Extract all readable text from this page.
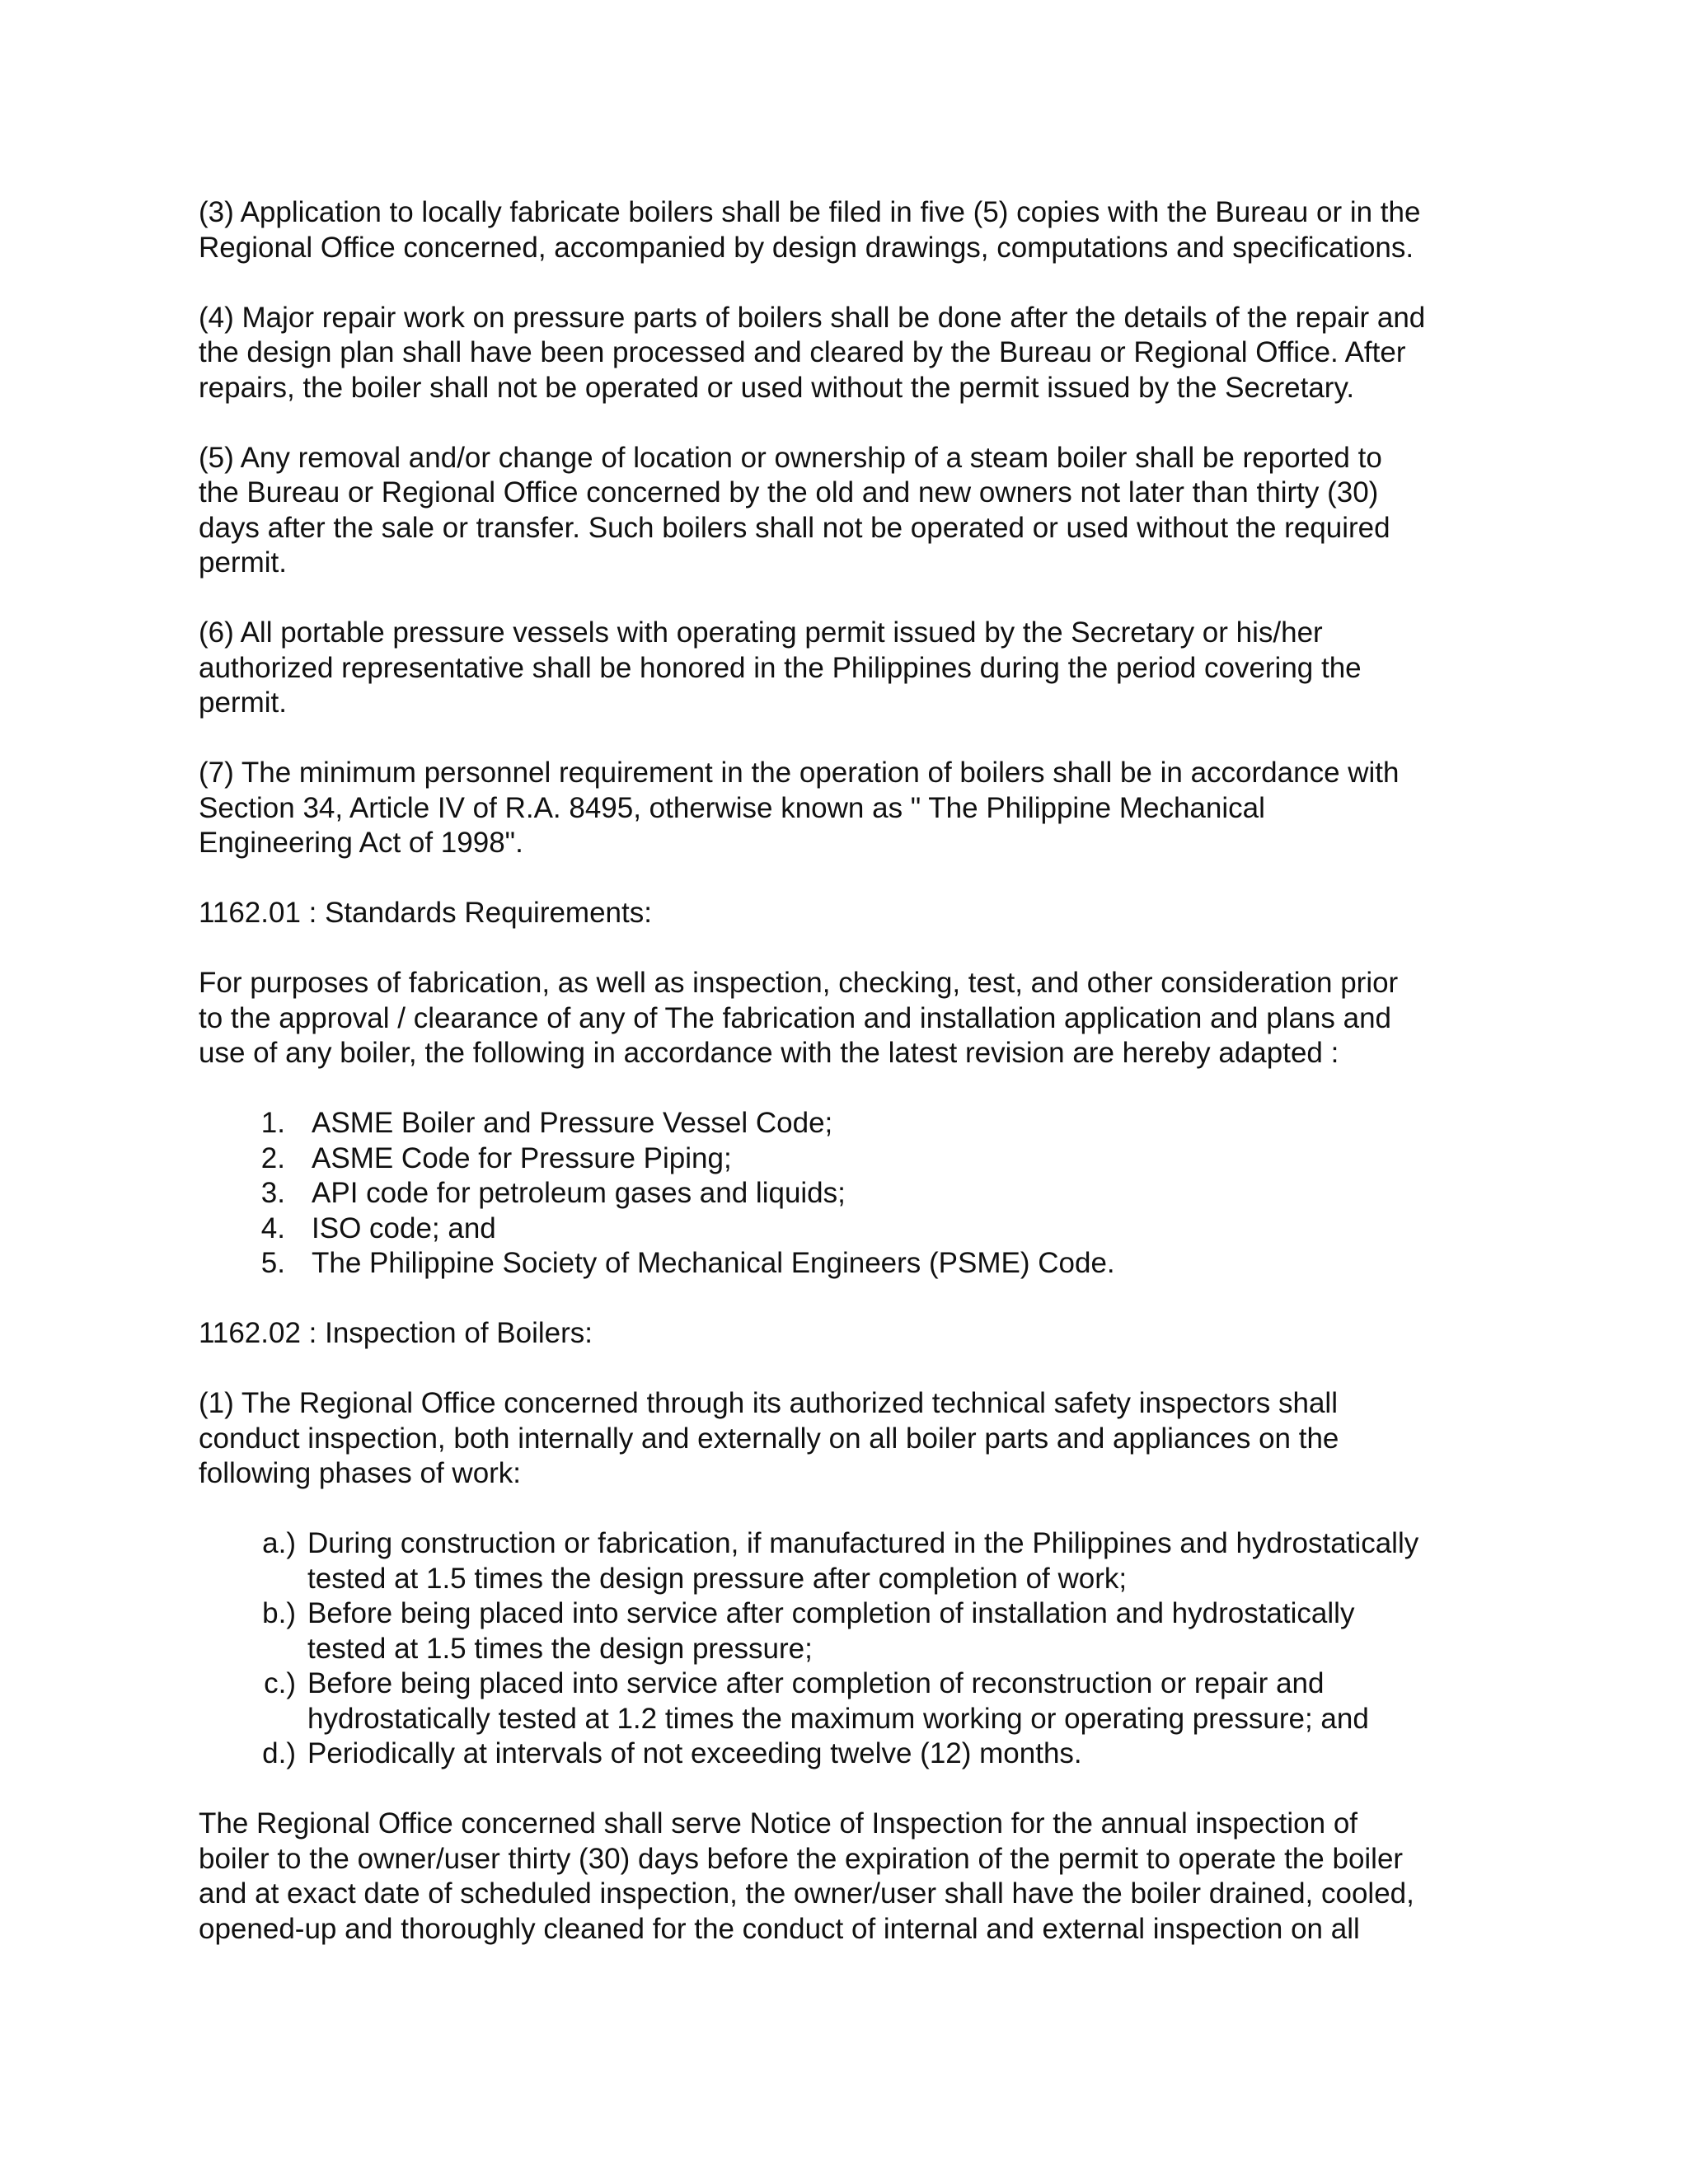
(3) Application to locally fabricate boilers shall be filed in five (5) copies with the Bureau or in the
Regional Office concerned, accompanied by design drawings, computations and specifications.

(4) Major repair work on pressure parts of boilers shall be done after the details of the repair and
the design plan shall have been processed and cleared by the Bureau or Regional Office. After
repairs, the boiler shall not be operated or used without the permit issued by the Secretary.

(5) Any removal and/or change of location or ownership of a steam boiler shall be reported to
the Bureau or Regional Office concerned by the old and new owners not later than thirty (30)
days after the sale or transfer. Such boilers shall not be operated or used without the required
permit.

(6) All portable pressure vessels with operating permit issued by the Secretary or his/her
authorized representative shall be honored in the Philippines during the period covering the
permit.

(7) The minimum personnel requirement in the operation of boilers shall be in accordance with
Section 34, Article IV of R.A. 8495, otherwise known as " The Philippine Mechanical
Engineering Act of 1998".

1162.01 : Standards Requirements:

For purposes of fabrication, as well as inspection, checking, test, and other consideration prior
to the approval / clearance of any of The fabrication and installation application and plans and
use of any boiler, the following in accordance with the latest revision are hereby adapted :

1. ASME Boiler and Pressure Vessel Code;
2. ASME Code for Pressure Piping;
3. API code for petroleum gases and liquids;
4. ISO code; and
5. The Philippine Society of Mechanical Engineers (PSME) Code.

1162.02 : Inspection of Boilers:

(1) The Regional Office concerned through its authorized technical safety inspectors shall
conduct inspection, both internally and externally on all boiler parts and appliances on the
following phases of work:

a.) During construction or fabrication, if manufactured in the Philippines and hydrostatically
tested at 1.5 times the design pressure after completion of work;
b.) Before being placed into service after completion of installation and hydrostatically
tested at 1.5 times the design pressure;
c.) Before being placed into service after completion of reconstruction or repair and
hydrostatically tested at 1.2 times the maximum working or operating pressure; and
d.) Periodically at intervals of not exceeding twelve (12) months.

The Regional Office concerned shall serve Notice of Inspection for the annual inspection of
boiler to the owner/user thirty (30) days before the expiration of the permit to operate the boiler
and at exact date of scheduled inspection, the owner/user shall have the boiler drained, cooled,
opened-up and thoroughly cleaned for the conduct of internal and external inspection on all
